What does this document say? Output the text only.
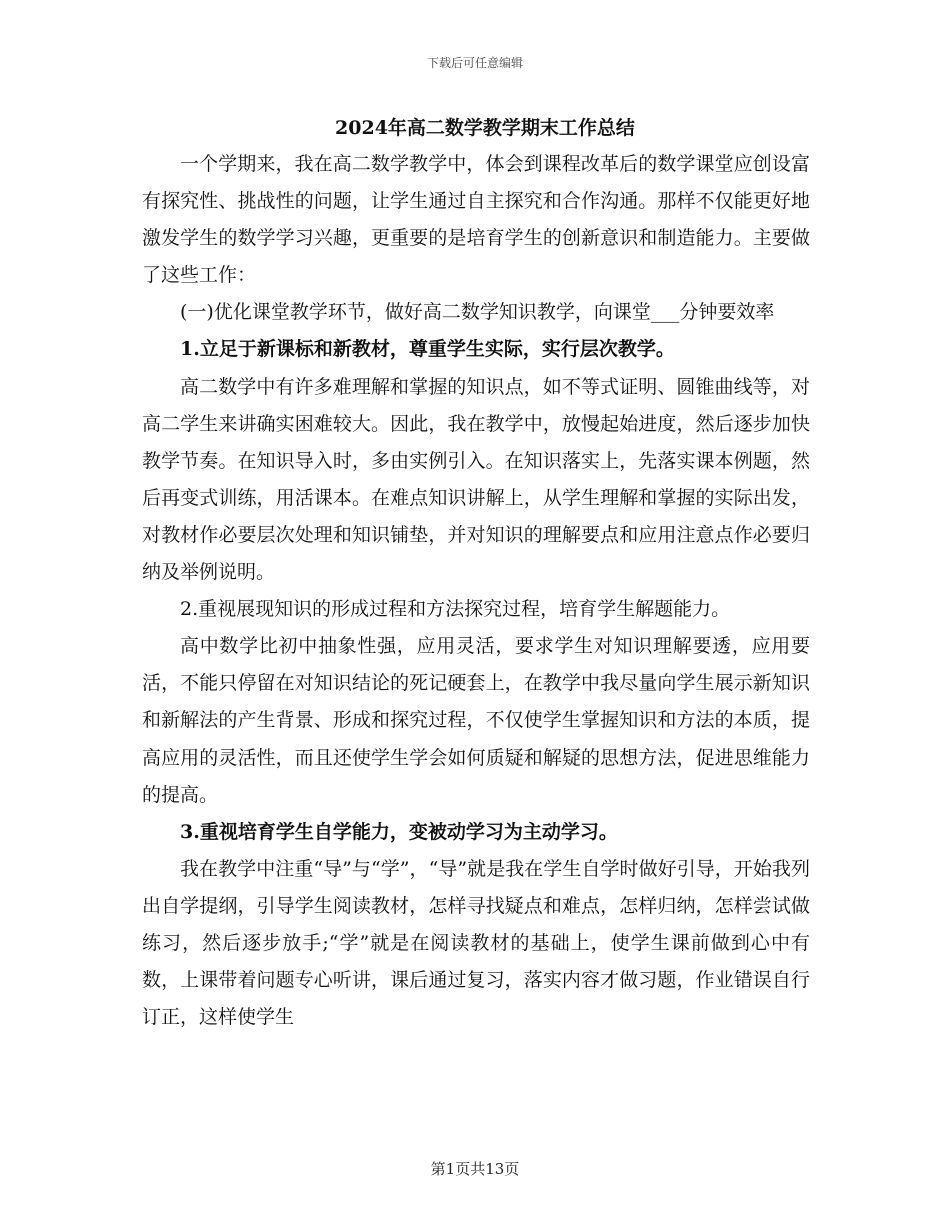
下载后可任意编辑
2024年高二数学教学期末工作总结

一个学期来，我在高二数学教学中，体会到课程改革后的数学课堂应创设富有探究性、挑战性的问题，让学生通过自主探究和合作沟通。那样不仅能更好地激发学生的数学学习兴趣，更重要的是培育学生的创新意识和制造能力。主要做了这些工作：

(一)优化课堂教学环节，做好高二数学知识教学，向课堂___分钟要效率

1.立足于新课标和新教材，尊重学生实际，实行层次教学。

高二数学中有许多难理解和掌握的知识点，如不等式证明、圆锥曲线等，对高二学生来讲确实困难较大。因此，我在教学中，放慢起始进度，然后逐步加快教学节奏。在知识导入时，多由实例引入。在知识落实上，先落实课本例题，然后再变式训练，用活课本。在难点知识讲解上，从学生理解和掌握的实际出发，对教材作必要层次处理和知识铺垫，并对知识的理解要点和应用注意点作必要归纳及举例说明。

2.重视展现知识的形成过程和方法探究过程，培育学生解题能力。

高中数学比初中抽象性强，应用灵活，要求学生对知识理解要透，应用要活，不能只停留在对知识结论的死记硬套上，在教学中我尽量向学生展示新知识和新解法的产生背景、形成和探究过程，不仅使学生掌握知识和方法的本质，提高应用的灵活性，而且还使学生学会如何质疑和解疑的思想方法，促进思维能力的提高。

3.重视培育学生自学能力，变被动学习为主动学习。

我在教学中注重“导”与“学”，“导”就是我在学生自学时做好引导，开始我列出自学提纲，引导学生阅读教材，怎样寻找疑点和难点，怎样归纳，怎样尝试做练习，然后逐步放手;“学”就是在阅读教材的基础上，使学生课前做到心中有数，上课带着问题专心听讲，课后通过复习，落实内容才做习题，作业错误自行订正，这样使学生

第1页共13页
